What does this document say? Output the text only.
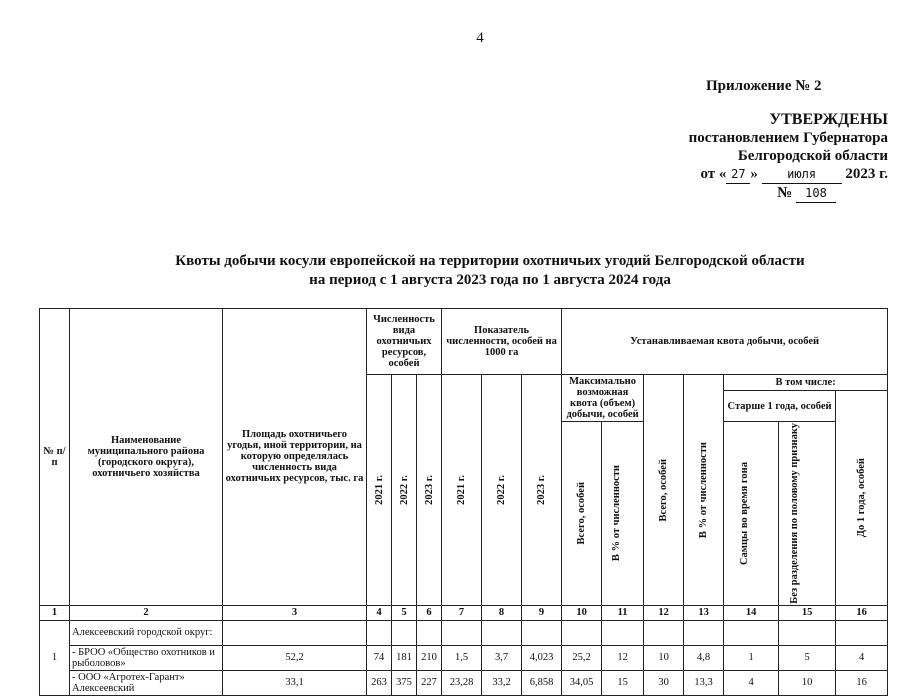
4
Приложение № 2
УТВЕРЖДЕНЫ
постановлением Губернатора
Белгородской области
от « 27 » июля 2023 г.
№ 108
Квоты добычи косули европейской на территории охотничьих угодий Белгородской области
на период с 1 августа 2023 года по 1 августа 2024 года
№ п/п	Наименование муниципального района (городского округа), охотничьего хозяйства	Площадь охотничьего угодья, иной территории, на которую определялась численность вида охотничьих ресурсов, тыс. га	Численность вида охотничьих ресурсов, особей			Показатель численности, особей на 1000 га			Устанавливаемая квота добычи, особей						

			2021 г.	2022 г.	2023 г.	2021 г.	2022 г.	2023 г.	Максимально возможная квота (объем) добычи, особей		Всего, особей	В % от численности	В том числе:		
													Старше 1 года, особей		До 1 года, особей

									Всего, особей	В % от численности			Самцы во время гона	Без разделения по половому признаку	

1	2	3	4	5	6	7	8	9	10	11	12	13	14	15	16
1	Алексеевский городской округ:														
	- БРОО «Общество охотников и рыболовов»	52,2	74	181	210	1,5	3,7	4,023	25,2	12	10	4,8	1	5	4
	- ООО «Агротех-Гарант» Алексеевский	33,1	263	375	227	23,28	33,2	6,858	34,05	15	30	13,3	4	10	16
